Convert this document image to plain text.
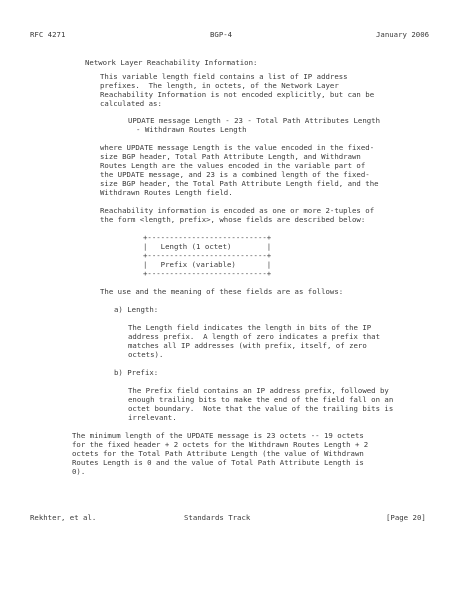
RFC 4271	BGP-4	January 2006
Network Layer Reachability Information:
This variable length field contains a list of IP address
prefixes.  The length, in octets, of the Network Layer
Reachability Information is not encoded explicitly, but can be
calculated as:
UPDATE message Length - 23 - Total Path Attributes Length
- Withdrawn Routes Length
where UPDATE message Length is the value encoded in the fixed-
size BGP header, Total Path Attribute Length, and Withdrawn
Routes Length are the values encoded in the variable part of
the UPDATE message, and 23 is a combined length of the fixed-
size BGP header, the Total Path Attribute Length field, and the
Withdrawn Routes Length field.
Reachability information is encoded as one or more 2-tuples of
the form <length, prefix>, whose fields are described below:
+---------------------------+
|   Length (1 octet)        |
+---------------------------+
|   Prefix (variable)       |
+---------------------------+
The use and the meaning of these fields are as follows:
a) Length:
The Length field indicates the length in bits of the IP
address prefix.  A length of zero indicates a prefix that
matches all IP addresses (with prefix, itself, of zero
octets).
b) Prefix:
The Prefix field contains an IP address prefix, followed by
enough trailing bits to make the end of the field fall on an
octet boundary.  Note that the value of the trailing bits is
irrelevant.
The minimum length of the UPDATE message is 23 octets -- 19 octets
for the fixed header + 2 octets for the Withdrawn Routes Length + 2
octets for the Total Path Attribute Length (the value of Withdrawn
Routes Length is 0 and the value of Total Path Attribute Length is
0).
Rekhter, et al.	Standards Track	[Page 20]
